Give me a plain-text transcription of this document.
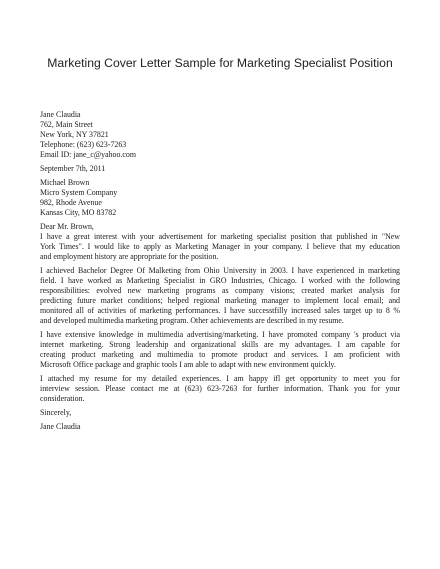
Marketing Cover Letter Sample for Marketing Specialist Position
Jane Claudia
762, Main Street
New York, NY 37821
Telephone: (623) 623-7263
Email ID: jane_c@yahoo.com
September 7th, 2011
Michael Brown
Micro System Company
982, Rhode Avenue
Kansas City, MO 83782
Dear Mr. Brown,
I have a great interest with your advertisement for marketing specialist position that published in "New
York Times". I would like to apply as Marketing Manager in your company. I believe that my education
and employment history are appropriate for the position.
I achieved Bachelor Degree Of Malketing from Ohio University in 2003. I have experienced in marketing
field. I have worked as Marketing Specialist in GRO Industries, Chicago. I worked with the following
responsibilities: evolved new marketing programs as company visions; created market analysis for
predicting future market conditions; helped regional marketing manager to implement local email; and
monitored all of activities of marketing performances. I have successtfilly increased sales target up to 8 %
and developed multimedia marketing program. Other achievements are described in my resume.
I have extensive knowledge in multimedia advertising/marketing. I have promoted company 's product via
internet marketing. Strong leadership and organizational skills are my advantages. I am capable for
creating product marketing and multimedia to promote product and services. I am proficient with
Microsoft Office package and graphic tools I am able to adapt with new environment quickly.
I attached my resume for my detailed experiences. I am happy ifl get opportunity to meet you for
interview session. Please contact me at (623) 623-7263 for further information. Thank you for your
consideration.
Sincerely,
Jane Claudia
